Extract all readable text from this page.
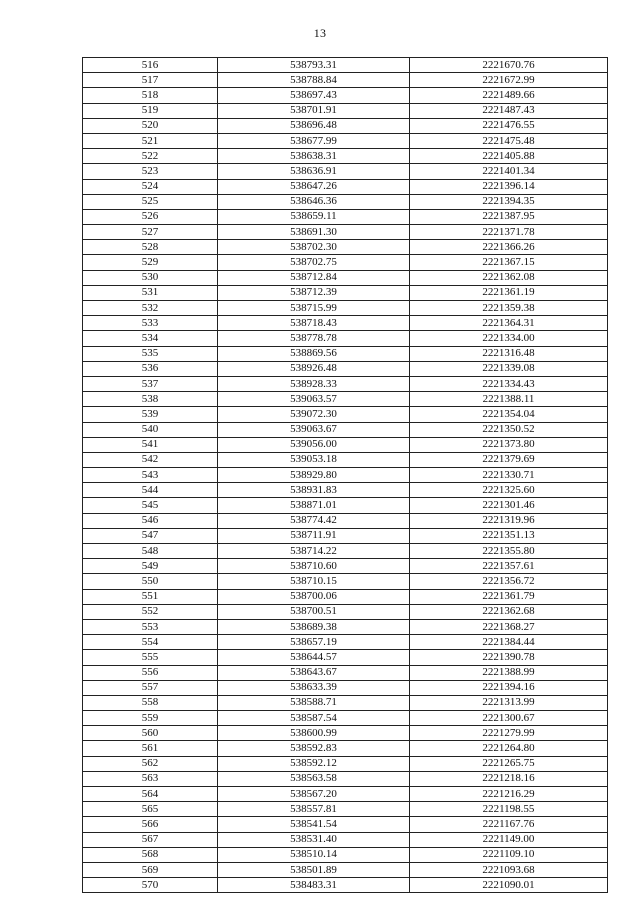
13
516	538793.31	2221670.76
517	538788.84	2221672.99
518	538697.43	2221489.66
519	538701.91	2221487.43
520	538696.48	2221476.55
521	538677.99	2221475.48
522	538638.31	2221405.88
523	538636.91	2221401.34
524	538647.26	2221396.14
525	538646.36	2221394.35
526	538659.11	2221387.95
527	538691.30	2221371.78
528	538702.30	2221366.26
529	538702.75	2221367.15
530	538712.84	2221362.08
531	538712.39	2221361.19
532	538715.99	2221359.38
533	538718.43	2221364.31
534	538778.78	2221334.00
535	538869.56	2221316.48
536	538926.48	2221339.08
537	538928.33	2221334.43
538	539063.57	2221388.11
539	539072.30	2221354.04
540	539063.67	2221350.52
541	539056.00	2221373.80
542	539053.18	2221379.69
543	538929.80	2221330.71
544	538931.83	2221325.60
545	538871.01	2221301.46
546	538774.42	2221319.96
547	538711.91	2221351.13
548	538714.22	2221355.80
549	538710.60	2221357.61
550	538710.15	2221356.72
551	538700.06	2221361.79
552	538700.51	2221362.68
553	538689.38	2221368.27
554	538657.19	2221384.44
555	538644.57	2221390.78
556	538643.67	2221388.99
557	538633.39	2221394.16
558	538588.71	2221313.99
559	538587.54	2221300.67
560	538600.99	2221279.99
561	538592.83	2221264.80
562	538592.12	2221265.75
563	538563.58	2221218.16
564	538567.20	2221216.29
565	538557.81	2221198.55
566	538541.54	2221167.76
567	538531.40	2221149.00
568	538510.14	2221109.10
569	538501.89	2221093.68
570	538483.31	2221090.01
